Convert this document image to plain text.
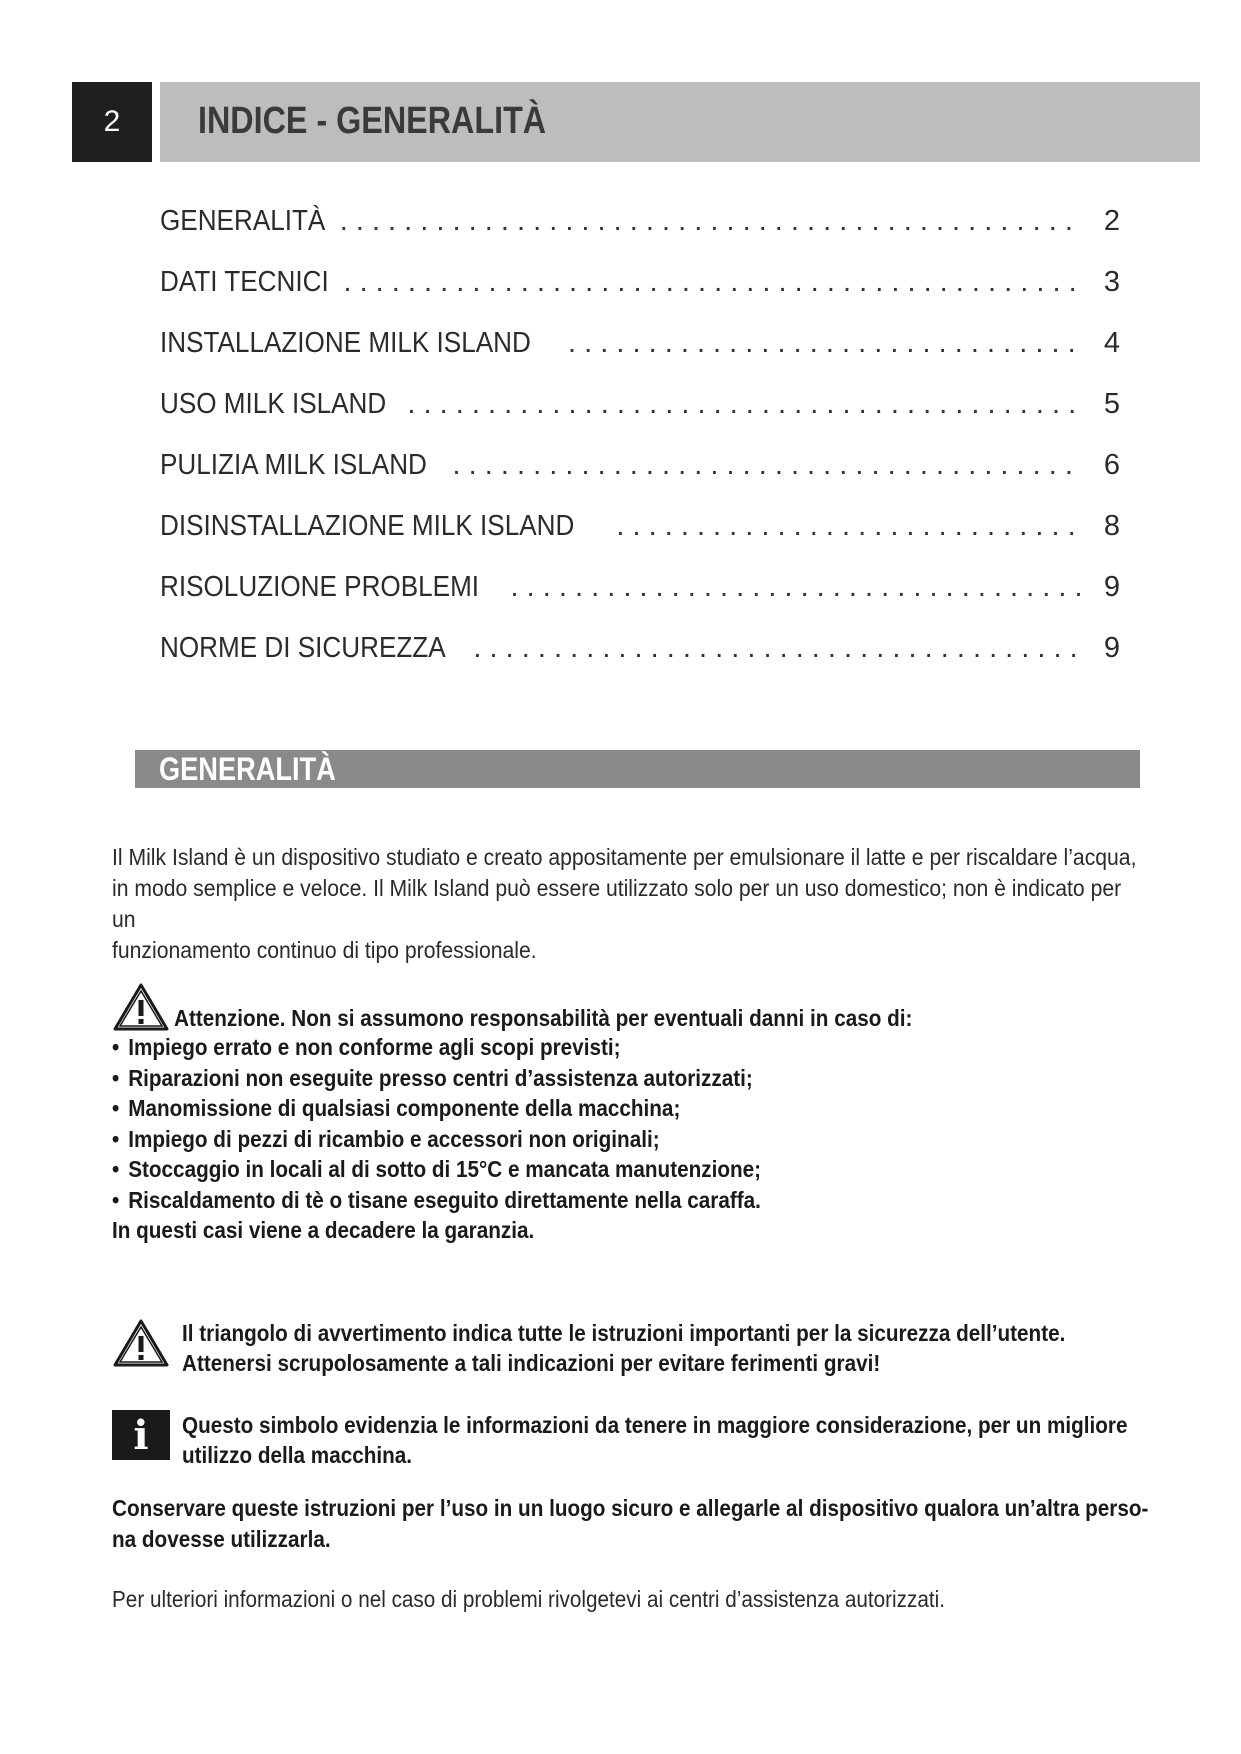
2	INDICE - GENERALITÀ
GENERALITÀ . . .	2
DATI TECNICI . . .	3
INSTALLAZIONE MILK ISLAND . . .	4
USO MILK ISLAND . . .	5
PULIZIA MILK ISLAND . . .	6
DISINSTALLAZIONE MILK ISLAND . . .	8
RISOLUZIONE PROBLEMI . . .	9
NORME DI SICUREZZA . . .	9
GENERALITÀ

Il Milk Island è un dispositivo studiato e creato appositamente per emulsionare il latte e per riscaldare l’acqua,

in modo semplice e veloce. Il Milk Island può essere utilizzato solo per un uso domestico; non è indicato per un

funzionamento continuo di tipo professionale.

Attenzione. Non si assumono responsabilità per eventuali danni in caso di:
• Impiego errato e non conforme agli scopi previsti;
• Riparazioni non eseguite presso centri d’assistenza autorizzati;
• Manomissione di qualsiasi componente della macchina;
• Impiego di pezzi di ricambio e accessori non originali;
• Stoccaggio in locali al di sotto di 15°C e mancata manutenzione;
• Riscaldamento di tè o tisane eseguito direttamente nella caraffa.
In questi casi viene a decadere la garanzia.
Il triangolo di avvertimento indica tutte le istruzioni importanti per la sicurezza dell’utente.
Attenersi scrupolosamente a tali indicazioni per evitare ferimenti gravi!
i	Questo simbolo evidenzia le informazioni da tenere in maggiore considerazione, per un migliore
utilizzo della macchina.
Conservare queste istruzioni per l’uso in un luogo sicuro e allegarle al dispositivo qualora un’altra perso-
na dovesse utilizzarla.
Per ulteriori informazioni o nel caso di problemi rivolgetevi ai centri d’assistenza autorizzati.
